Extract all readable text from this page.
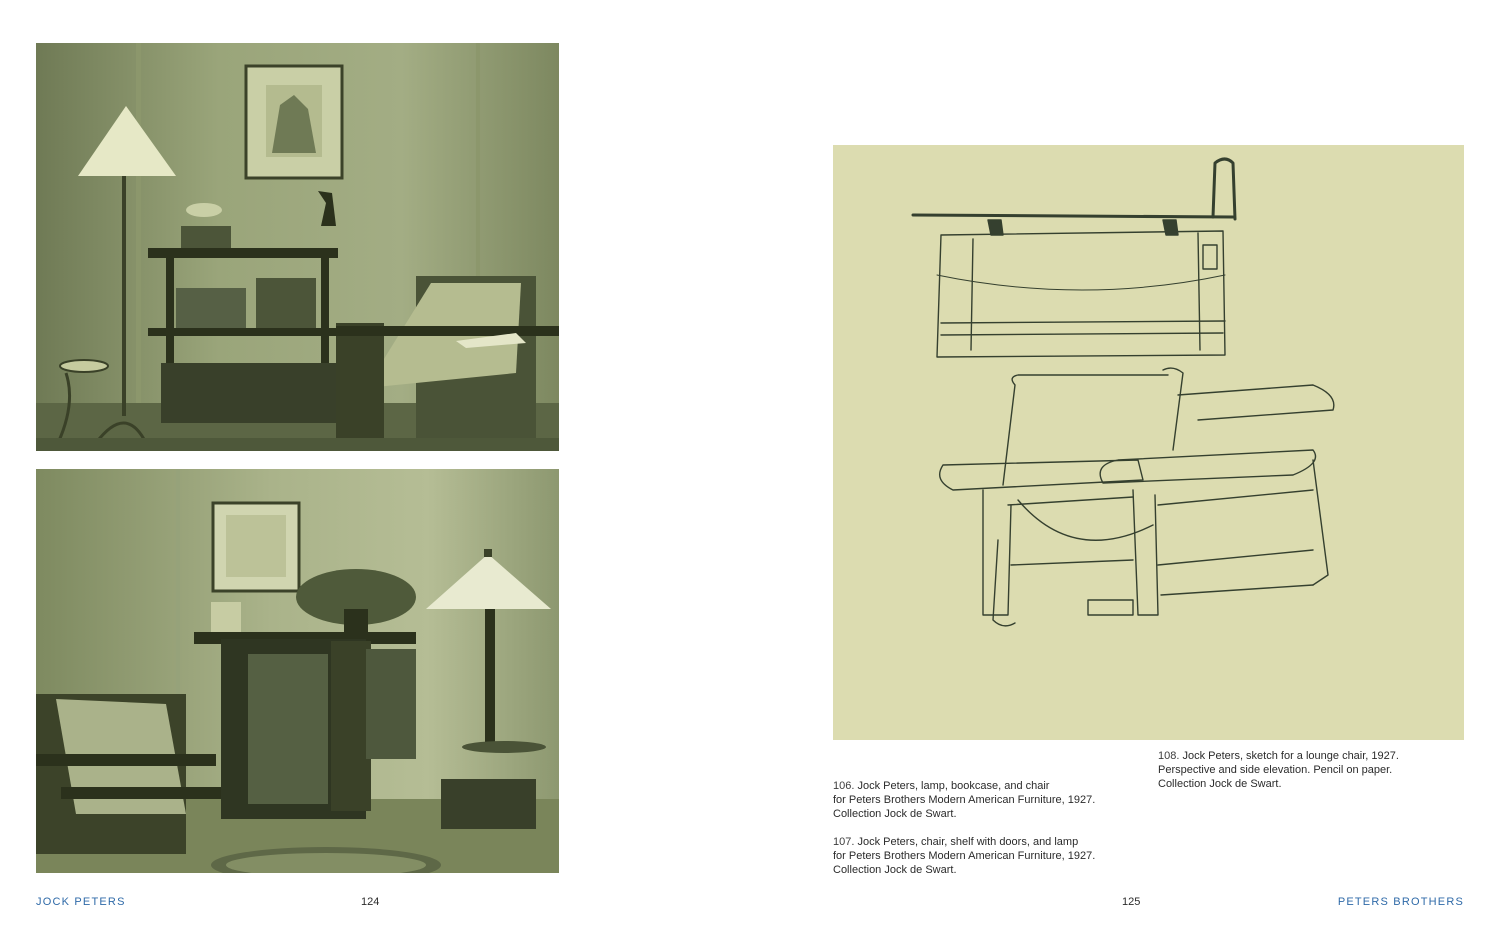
106. Jock Peters, lamp, bookcase, and chair

for Peters Brothers Modern American Furniture, 1927.

Collection Jock de Swart.

107. Jock Peters, chair, shelf with doors, and lamp

for Peters Brothers Modern American Furniture, 1927.

Collection Jock de Swart.

108. Jock Peters, sketch for a lounge chair, 1927.

Perspective and side elevation. Pencil on paper.

Collection Jock de Swart.

JOCK PETERS	124	125	PETERS BROTHERS
